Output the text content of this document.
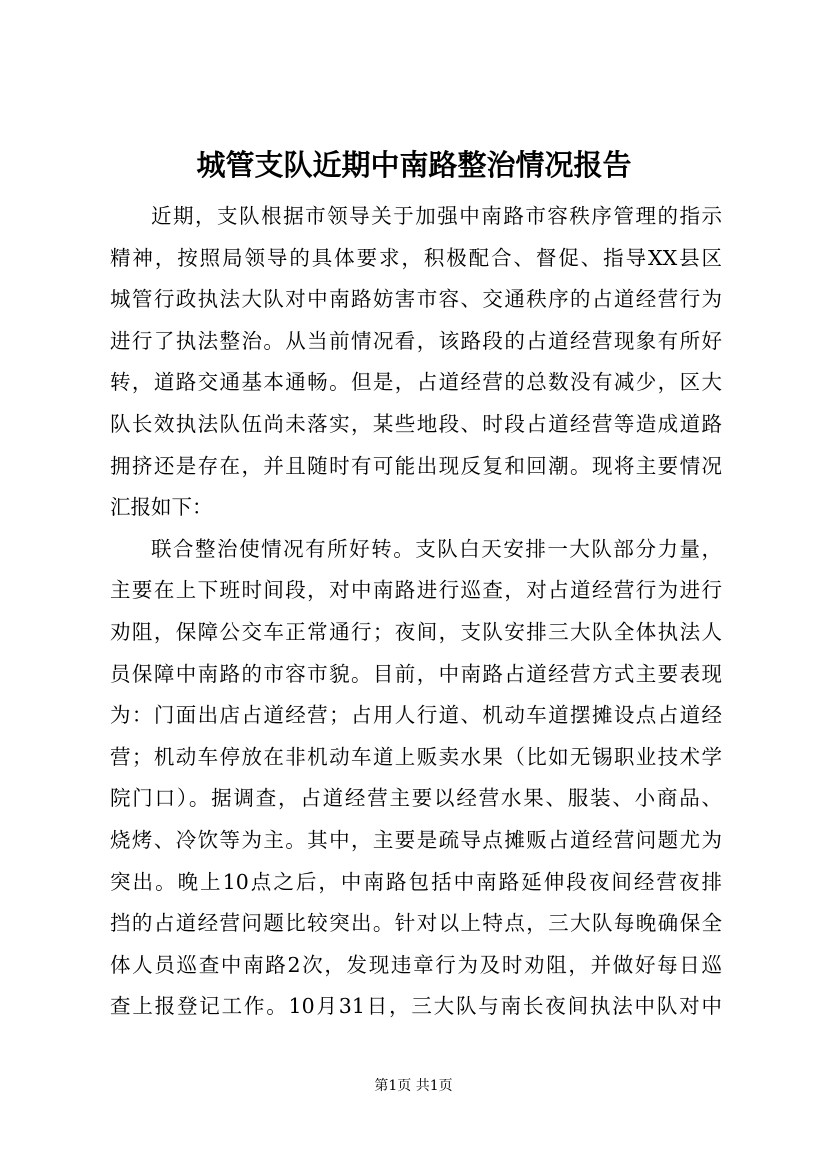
城管支队近期中南路整治情况报告
近期，支队根据市领导关于加强中南路市容秩序管理的指示
精神，按照局领导的具体要求，积极配合、督促、指导XX县区
城管行政执法大队对中南路妨害市容、交通秩序的占道经营行为
进行了执法整治。从当前情况看，该路段的占道经营现象有所好
转，道路交通基本通畅。但是，占道经营的总数没有减少，区大
队长效执法队伍尚未落实，某些地段、时段占道经营等造成道路
拥挤还是存在，并且随时有可能出现反复和回潮。现将主要情况
汇报如下：
联合整治使情况有所好转。支队白天安排一大队部分力量，
主要在上下班时间段，对中南路进行巡查，对占道经营行为进行
劝阻，保障公交车正常通行；夜间，支队安排三大队全体执法人
员保障中南路的市容市貌。目前，中南路占道经营方式主要表现
为：门面出店占道经营；占用人行道、机动车道摆摊设点占道经
营；机动车停放在非机动车道上贩卖水果（比如无锡职业技术学
院门口）。据调查，占道经营主要以经营水果、服装、小商品、
烧烤、冷饮等为主。其中，主要是疏导点摊贩占道经营问题尤为
突出。晚上10点之后，中南路包括中南路延伸段夜间经营夜排
挡的占道经营问题比较突出。针对以上特点，三大队每晚确保全
体人员巡查中南路2次，发现违章行为及时劝阻，并做好每日巡
查上报登记工作。10月31日，三大队与南长夜间执法中队对中
第1页 共1页
